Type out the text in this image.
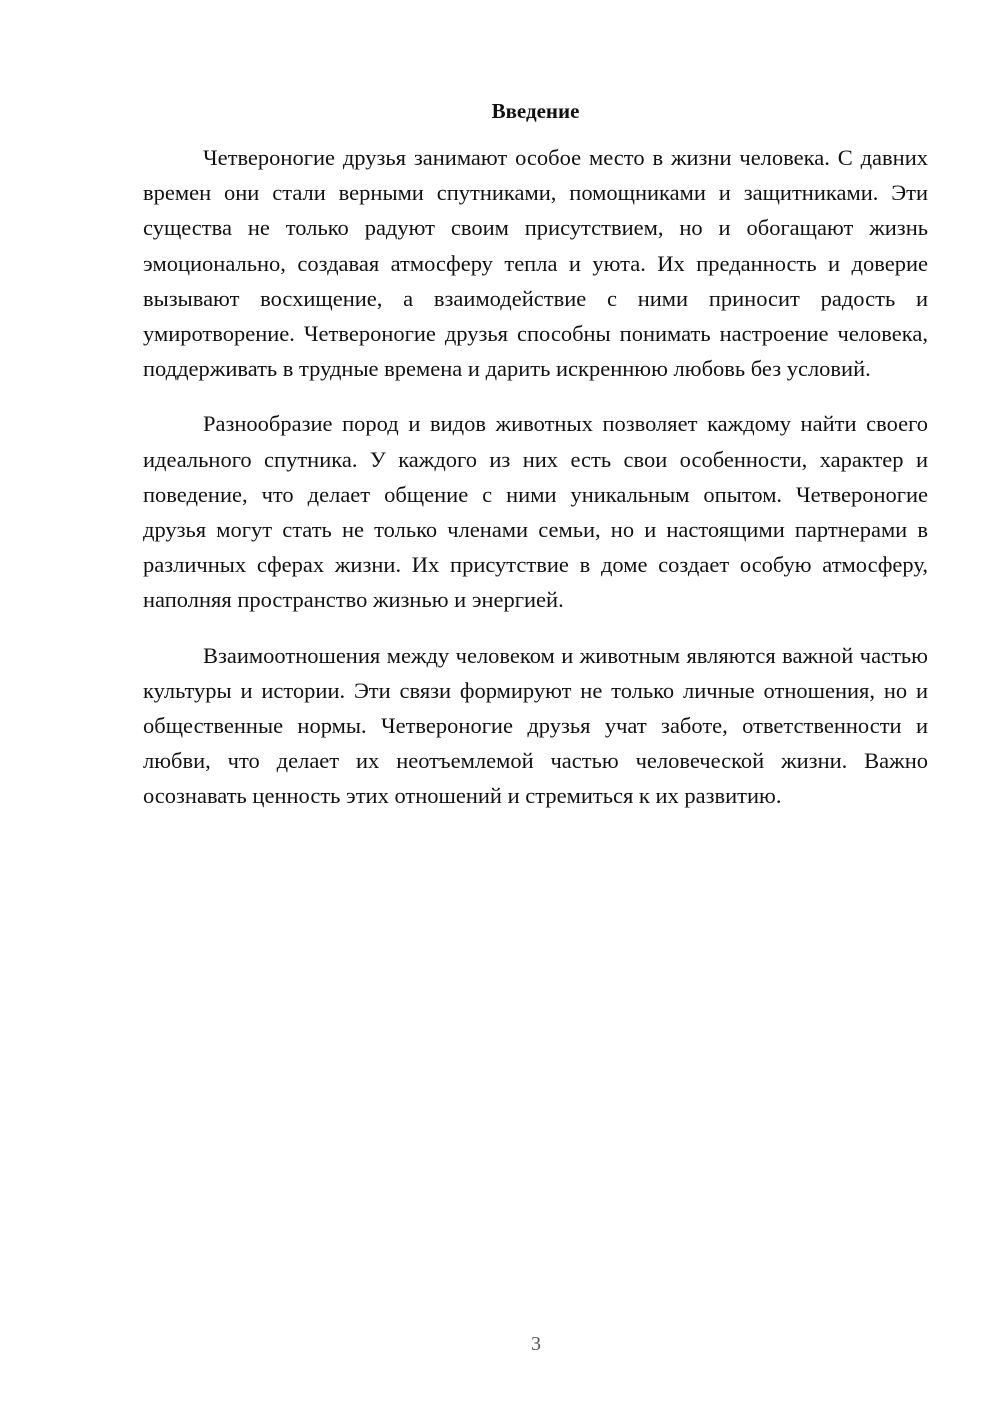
Введение

Четвероногие друзья занимают особое место в жизни человека. С давних времен они стали верными спутниками, помощниками и защитниками. Эти существа не только радуют своим присутствием, но и обогащают жизнь эмоционально, создавая атмосферу тепла и уюта. Их преданность и доверие вызывают восхищение, а взаимодействие с ними приносит радость и умиротворение. Четвероногие друзья способны понимать настроение человека, поддерживать в трудные времена и дарить искреннюю любовь без условий.

Разнообразие пород и видов животных позволяет каждому найти своего идеального спутника. У каждого из них есть свои особенности, характер и поведение, что делает общение с ними уникальным опытом. Четвероногие друзья могут стать не только членами семьи, но и настоящими партнерами в различных сферах жизни. Их присутствие в доме создает особую атмосферу, наполняя пространство жизнью и энергией.

Взаимоотношения между человеком и животным являются важной частью культуры и истории. Эти связи формируют не только личные отношения, но и общественные нормы. Четвероногие друзья учат заботе, ответственности и любви, что делает их неотъемлемой частью человеческой жизни. Важно осознавать ценность этих отношений и стремиться к их развитию.

3
